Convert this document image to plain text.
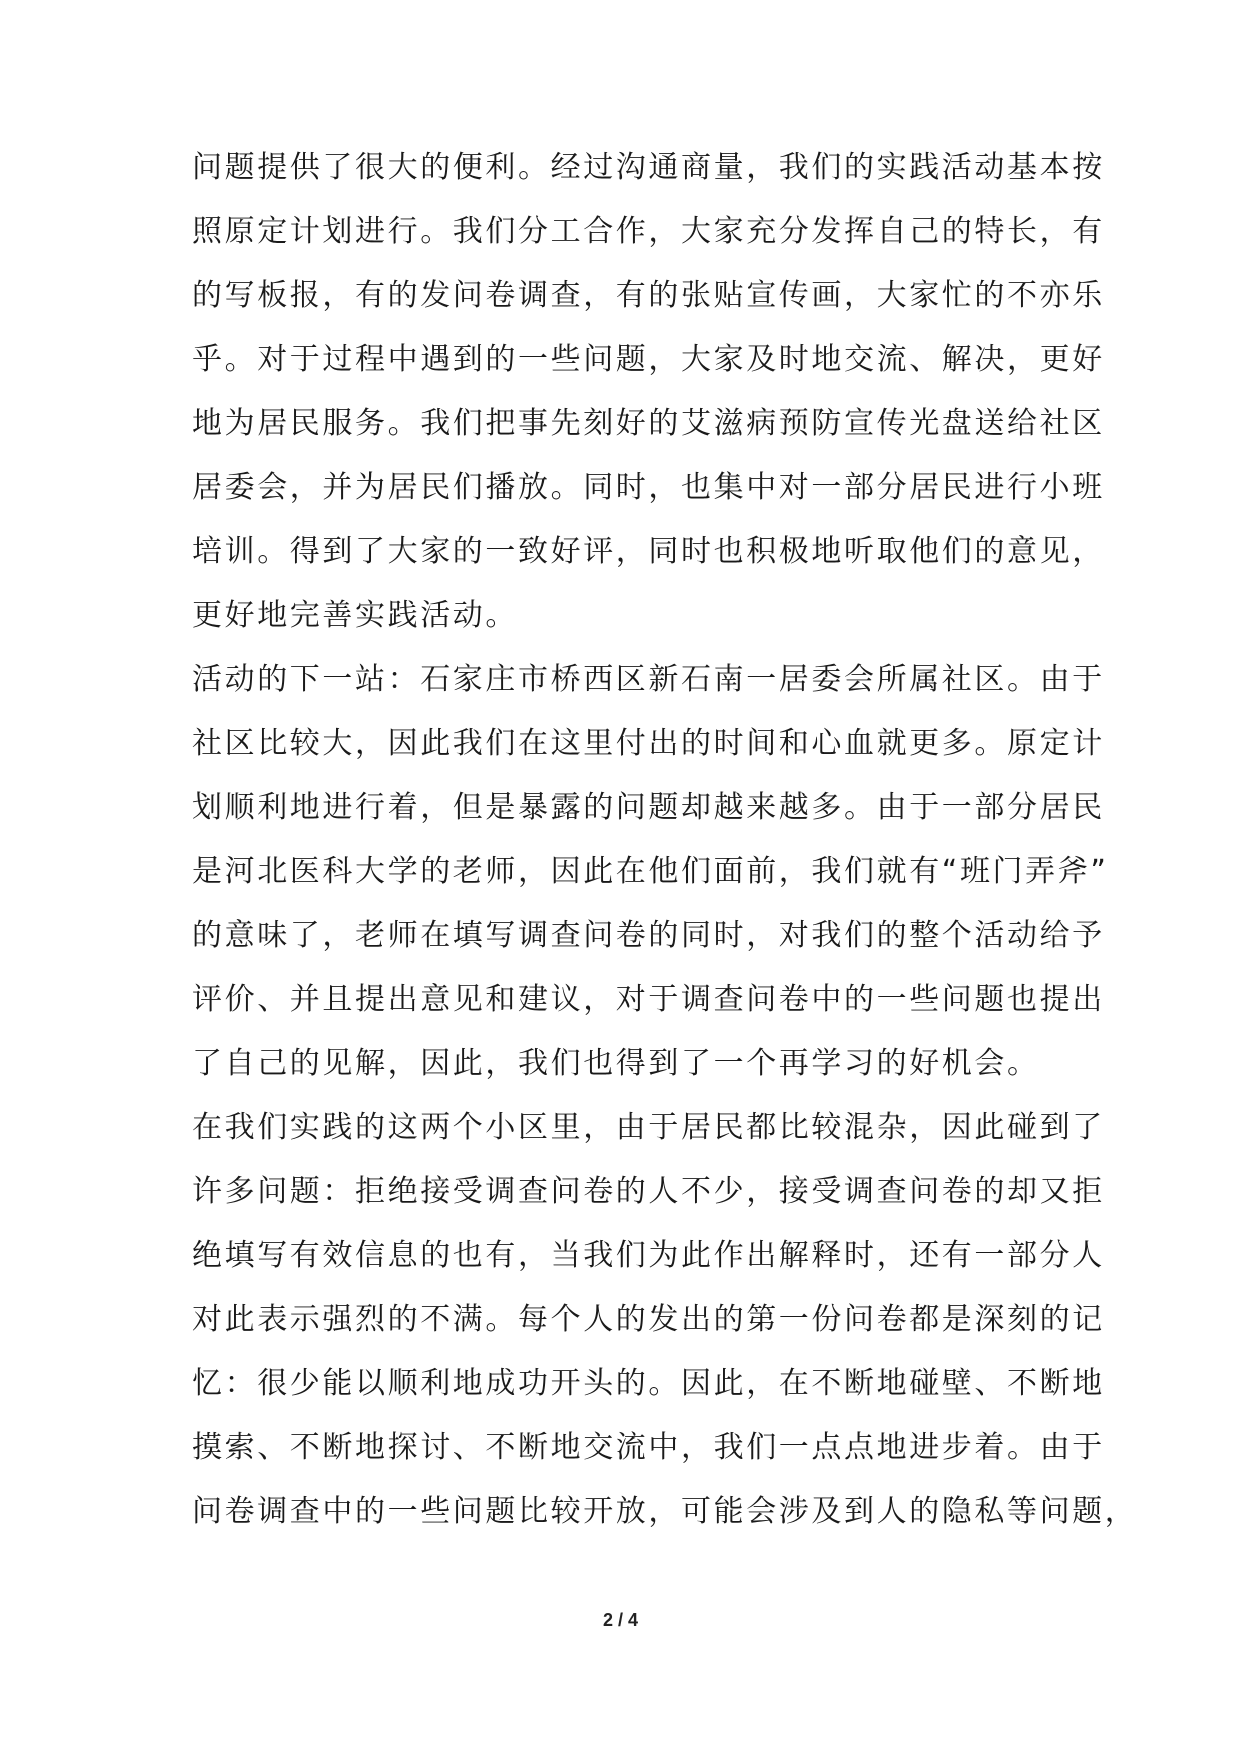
问题提供了很大的便利。经过沟通商量，我们的实践活动基本按
照原定计划进行。我们分工合作，大家充分发挥自己的特长，有
的写板报，有的发问卷调查，有的张贴宣传画，大家忙的不亦乐
乎。对于过程中遇到的一些问题，大家及时地交流、解决，更好
地为居民服务。我们把事先刻好的艾滋病预防宣传光盘送给社区
居委会，并为居民们播放。同时，也集中对一部分居民进行小班
培训。得到了大家的一致好评，同时也积极地听取他们的意见，
更好地完善实践活动。
活动的下一站：石家庄市桥西区新石南一居委会所属社区。由于
社区比较大，因此我们在这里付出的时间和心血就更多。原定计
划顺利地进行着，但是暴露的问题却越来越多。由于一部分居民
是河北医科大学的老师，因此在他们面前，我们就有“班门弄斧”
的意味了，老师在填写调查问卷的同时，对我们的整个活动给予
评价、并且提出意见和建议，对于调查问卷中的一些问题也提出
了自己的见解，因此，我们也得到了一个再学习的好机会。
在我们实践的这两个小区里，由于居民都比较混杂，因此碰到了
许多问题：拒绝接受调查问卷的人不少，接受调查问卷的却又拒
绝填写有效信息的也有，当我们为此作出解释时，还有一部分人
对此表示强烈的不满。每个人的发出的第一份问卷都是深刻的记
忆：很少能以顺利地成功开头的。因此，在不断地碰壁、不断地
摸索、不断地探讨、不断地交流中，我们一点点地进步着。由于
问卷调查中的一些问题比较开放，可能会涉及到人的隐私等问题，
2 / 4
